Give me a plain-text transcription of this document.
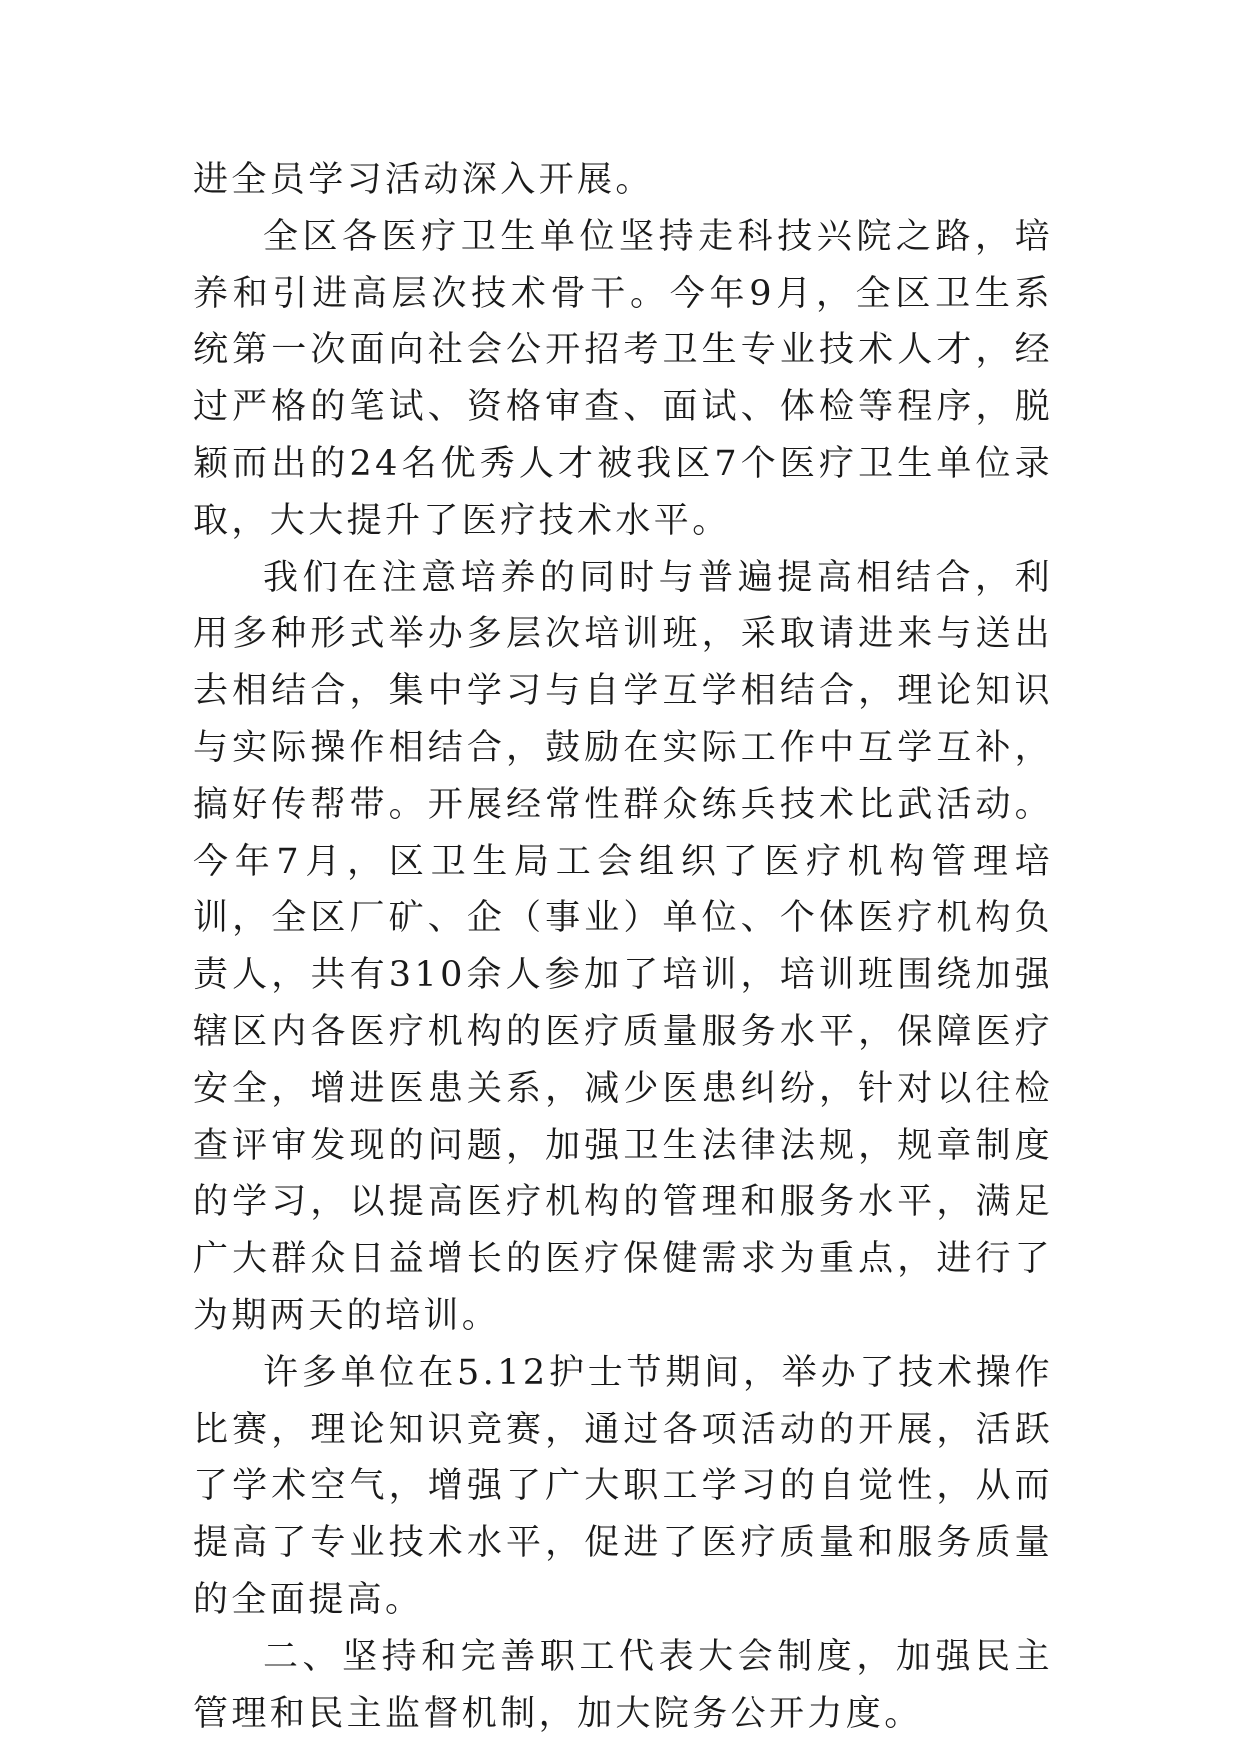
进全员学习活动深入开展。

全区各医疗卫生单位坚持走科技兴院之路，培养和引进高层次技术骨干。今年9月，全区卫生系统第一次面向社会公开招考卫生专业技术人才，经过严格的笔试、资格审查、面试、体检等程序，脱颖而出的24名优秀人才被我区7个医疗卫生单位录取，大大提升了医疗技术水平。

我们在注意培养的同时与普遍提高相结合，利用多种形式举办多层次培训班，采取请进来与送出去相结合，集中学习与自学互学相结合，理论知识与实际操作相结合，鼓励在实际工作中互学互补，搞好传帮带。开展经常性群众练兵技术比武活动。今年7月，区卫生局工会组织了医疗机构管理培训，全区厂矿、企（事业）单位、个体医疗机构负责人，共有310余人参加了培训，培训班围绕加强辖区内各医疗机构的医疗质量服务水平，保障医疗安全，增进医患关系，减少医患纠纷，针对以往检查评审发现的问题，加强卫生法律法规，规章制度的学习，以提高医疗机构的管理和服务水平，满足广大群众日益增长的医疗保健需求为重点，进行了为期两天的培训。

许多单位在5.12护士节期间，举办了技术操作比赛，理论知识竞赛，通过各项活动的开展，活跃了学术空气，增强了广大职工学习的自觉性，从而提高了专业技术水平，促进了医疗质量和服务质量的全面提高。

二、坚持和完善职工代表大会制度，加强民主管理和民主监督机制，加大院务公开力度。
